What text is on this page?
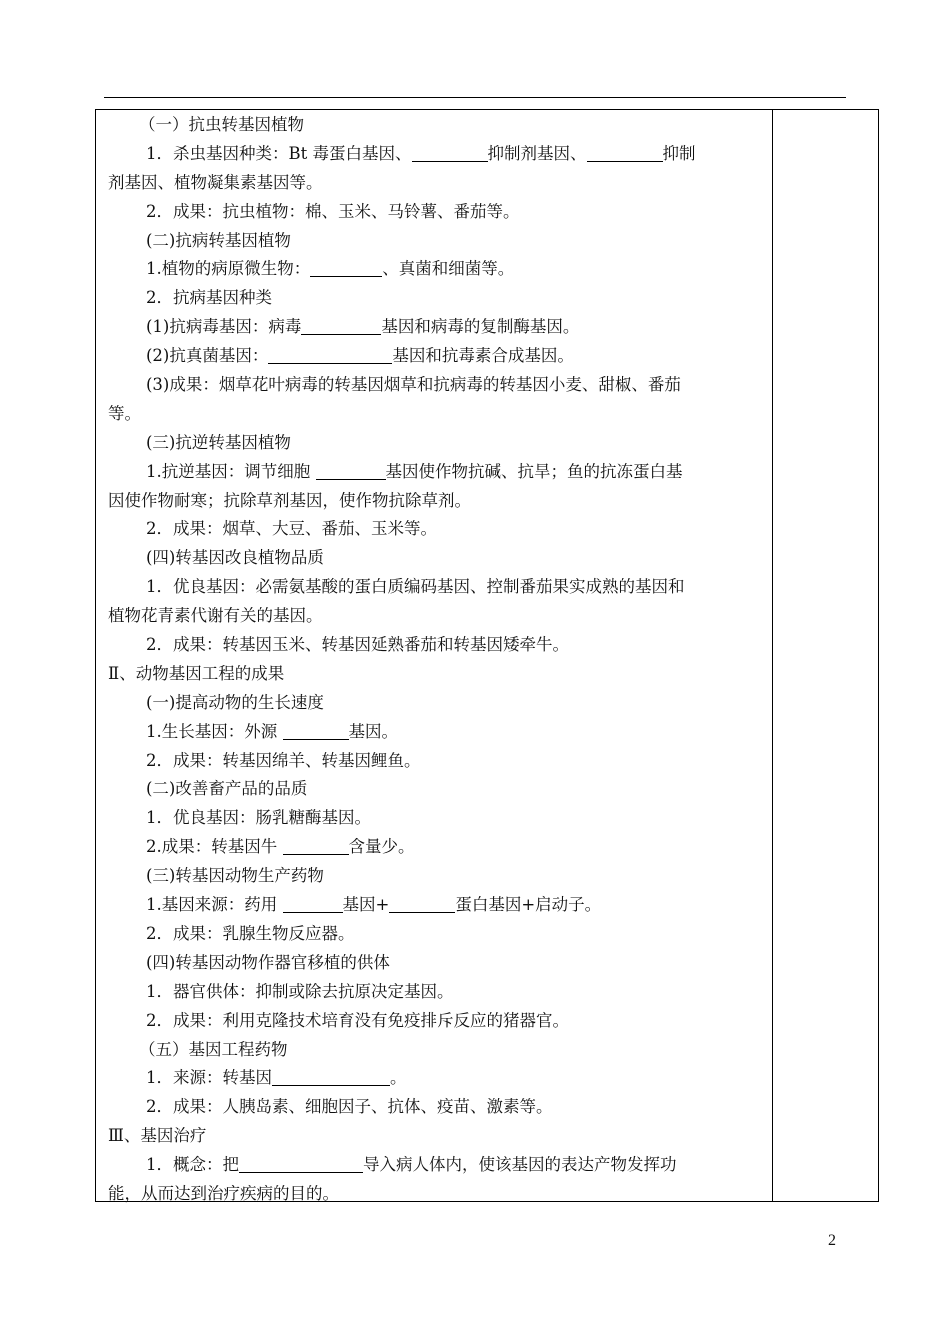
（一）抗虫转基因植物
1．杀虫基因种类：Bt 毒蛋白基因、	抑制剂基因、	抑制
剂基因、植物凝集素基因等。
2．成果：抗虫植物：棉、玉米、马铃薯、番茄等。
(二)抗病转基因植物
1.植物的病原微生物：	、真菌和细菌等。
2．抗病基因种类
(1)抗病毒基因：病毒	基因和病毒的复制酶基因。
(2)抗真菌基因：	基因和抗毒素合成基因。
(3)成果：烟草花叶病毒的转基因烟草和抗病毒的转基因小麦、甜椒、番茄
等。
(三)抗逆转基因植物
1.抗逆基因：调节细胞	基因使作物抗碱、抗旱；鱼的抗冻蛋白基
因使作物耐寒；抗除草剂基因，使作物抗除草剂。
2．成果：烟草、大豆、番茄、玉米等。
(四)转基因改良植物品质
1．优良基因：必需氨基酸的蛋白质编码基因、控制番茄果实成熟的基因和
植物花青素代谢有关的基因。
2．成果：转基因玉米、转基因延熟番茄和转基因矮牵牛。
Ⅱ、动物基因工程的成果
(一)提高动物的生长速度
1.生长基因：外源	基因。
2．成果：转基因绵羊、转基因鲤鱼。
(二)改善畜产品的品质
1．优良基因：肠乳糖酶基因。
2.成果：转基因牛	含量少。
(三)转基因动物生产药物
1.基因来源：药用	基因+	蛋白基因+启动子。
2．成果：乳腺生物反应器。
(四)转基因动物作器官移植的供体
1．器官供体：抑制或除去抗原决定基因。
2．成果：利用克隆技术培育没有免疫排斥反应的猪器官。
（五）基因工程药物
1．来源：转基因	。
2．成果：人胰岛素、细胞因子、抗体、疫苗、激素等。
Ⅲ、基因治疗
1．概念：把	导入病人体内，使该基因的表达产物发挥功
能，从而达到治疗疾病的目的。
2
